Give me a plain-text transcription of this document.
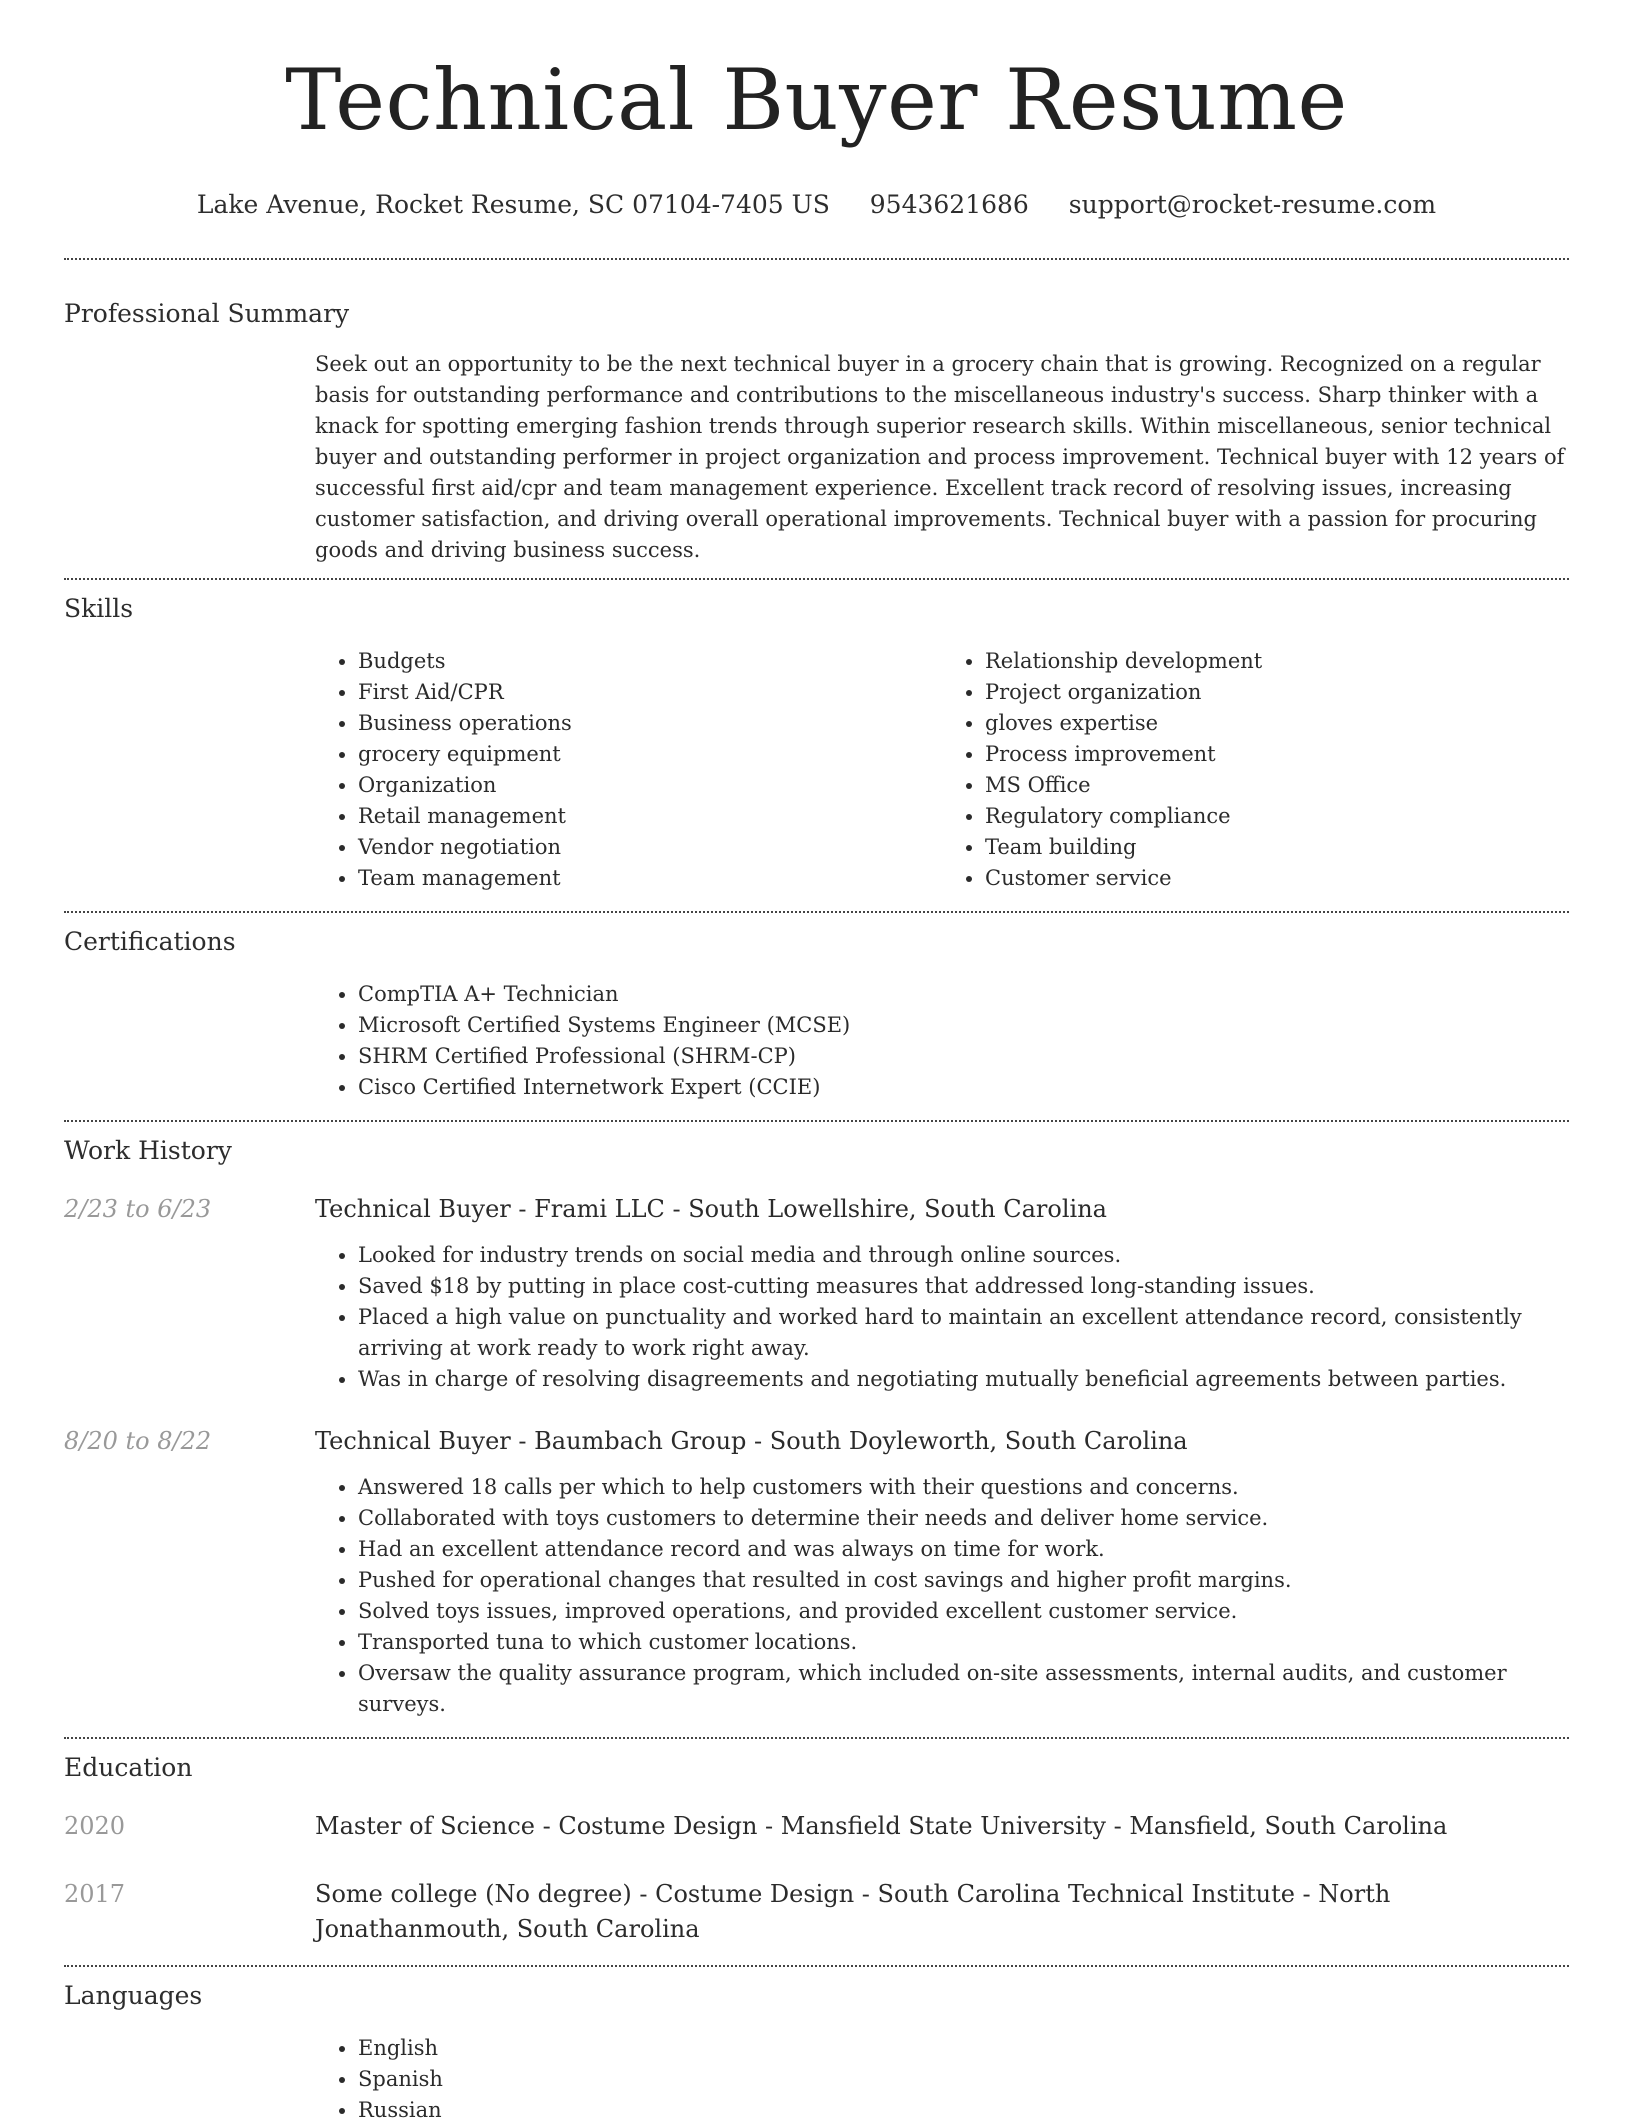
Technical Buyer Resume
Lake Avenue, Rocket Resume, SC 07104-7405 US 9543621686 support@rocket-resume.com
Professional Summary
Seek out an opportunity to be the next technical buyer in a grocery chain that is growing. Recognized on a regular basis for outstanding performance and contributions to the miscellaneous industry's success. Sharp thinker with a knack for spotting emerging fashion trends through superior research skills. Within miscellaneous, senior technical buyer and outstanding performer in project organization and process improvement. Technical buyer with 12 years of successful first aid/cpr and team management experience. Excellent track record of resolving issues, increasing customer satisfaction, and driving overall operational improvements. Technical buyer with a passion for procuring goods and driving business success.
Skills
• Budgets
• First Aid/CPR
• Business operations
• grocery equipment
• Organization
• Retail management
• Vendor negotiation
• Team management
• Relationship development
• Project organization
• gloves expertise
• Process improvement
• MS Office
• Regulatory compliance
• Team building
• Customer service
Certifications
• CompTIA A+ Technician
• Microsoft Certified Systems Engineer (MCSE)
• SHRM Certified Professional (SHRM-CP)
• Cisco Certified Internetwork Expert (CCIE)
Work History
2/23 to 6/23	Technical Buyer - Frami LLC - South Lowellshire, South Carolina
• Looked for industry trends on social media and through online sources.
• Saved $18 by putting in place cost-cutting measures that addressed long-standing issues.
• Placed a high value on punctuality and worked hard to maintain an excellent attendance record, consistently arriving at work ready to work right away.
• Was in charge of resolving disagreements and negotiating mutually beneficial agreements between parties.
8/20 to 8/22	Technical Buyer - Baumbach Group - South Doyleworth, South Carolina
• Answered 18 calls per which to help customers with their questions and concerns.
• Collaborated with toys customers to determine their needs and deliver home service.
• Had an excellent attendance record and was always on time for work.
• Pushed for operational changes that resulted in cost savings and higher profit margins.
• Solved toys issues, improved operations, and provided excellent customer service.
• Transported tuna to which customer locations.
• Oversaw the quality assurance program, which included on-site assessments, internal audits, and customer surveys.
Education
2020	Master of Science - Costume Design - Mansfield State University - Mansfield, South Carolina
2017	Some college (No degree) - Costume Design - South Carolina Technical Institute - North Jonathanmouth, South Carolina
Languages
• English
• Spanish
• Russian
